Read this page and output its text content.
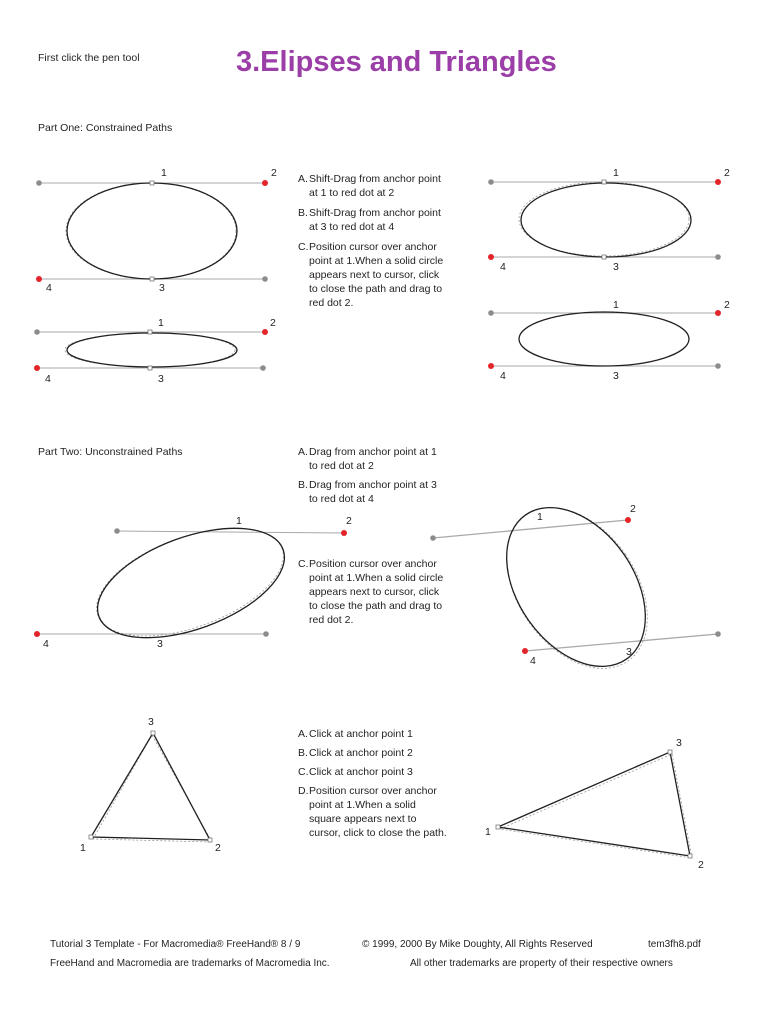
1	2
4	3
1	2
4	3
1	2
4	3
1	2
4	3
1	2
4	3
1
2
4
3
3
1	2
3
1
2
First click the pen tool	3.Elipses and Triangles
Part One: Constrained Paths

A. Shift-Drag from anchor point at 1 to red dot at 2

B. Shift-Drag from anchor point at 3 to red dot at 4

C. Position cursor over anchor point at 1.When a solid circle appears next to cursor, click to close the path and drag to red dot 2.

Part Two: Unconstrained Paths	A. Drag from anchor point at 1 to red dot at 2

B. Drag from anchor point at 3 to red dot at 4

C. Position cursor over anchor point at 1.When a solid circle appears next to cursor, click to close the path and drag to red dot 2.

A. Click at anchor point 1

B. Click at anchor point 2

C. Click at anchor point 3

D. Position cursor over anchor point at 1.When a solid square appears next to cursor, click to close the path.

Tutorial 3 Template - For Macromedia® FreeHand® 8 / 9	© 1999, 2000 By Mike Doughty, All Rights Reserved	tem3fh8.pdf
FreeHand and Macromedia are trademarks of Macromedia Inc.	All other trademarks are property of their respective owners
